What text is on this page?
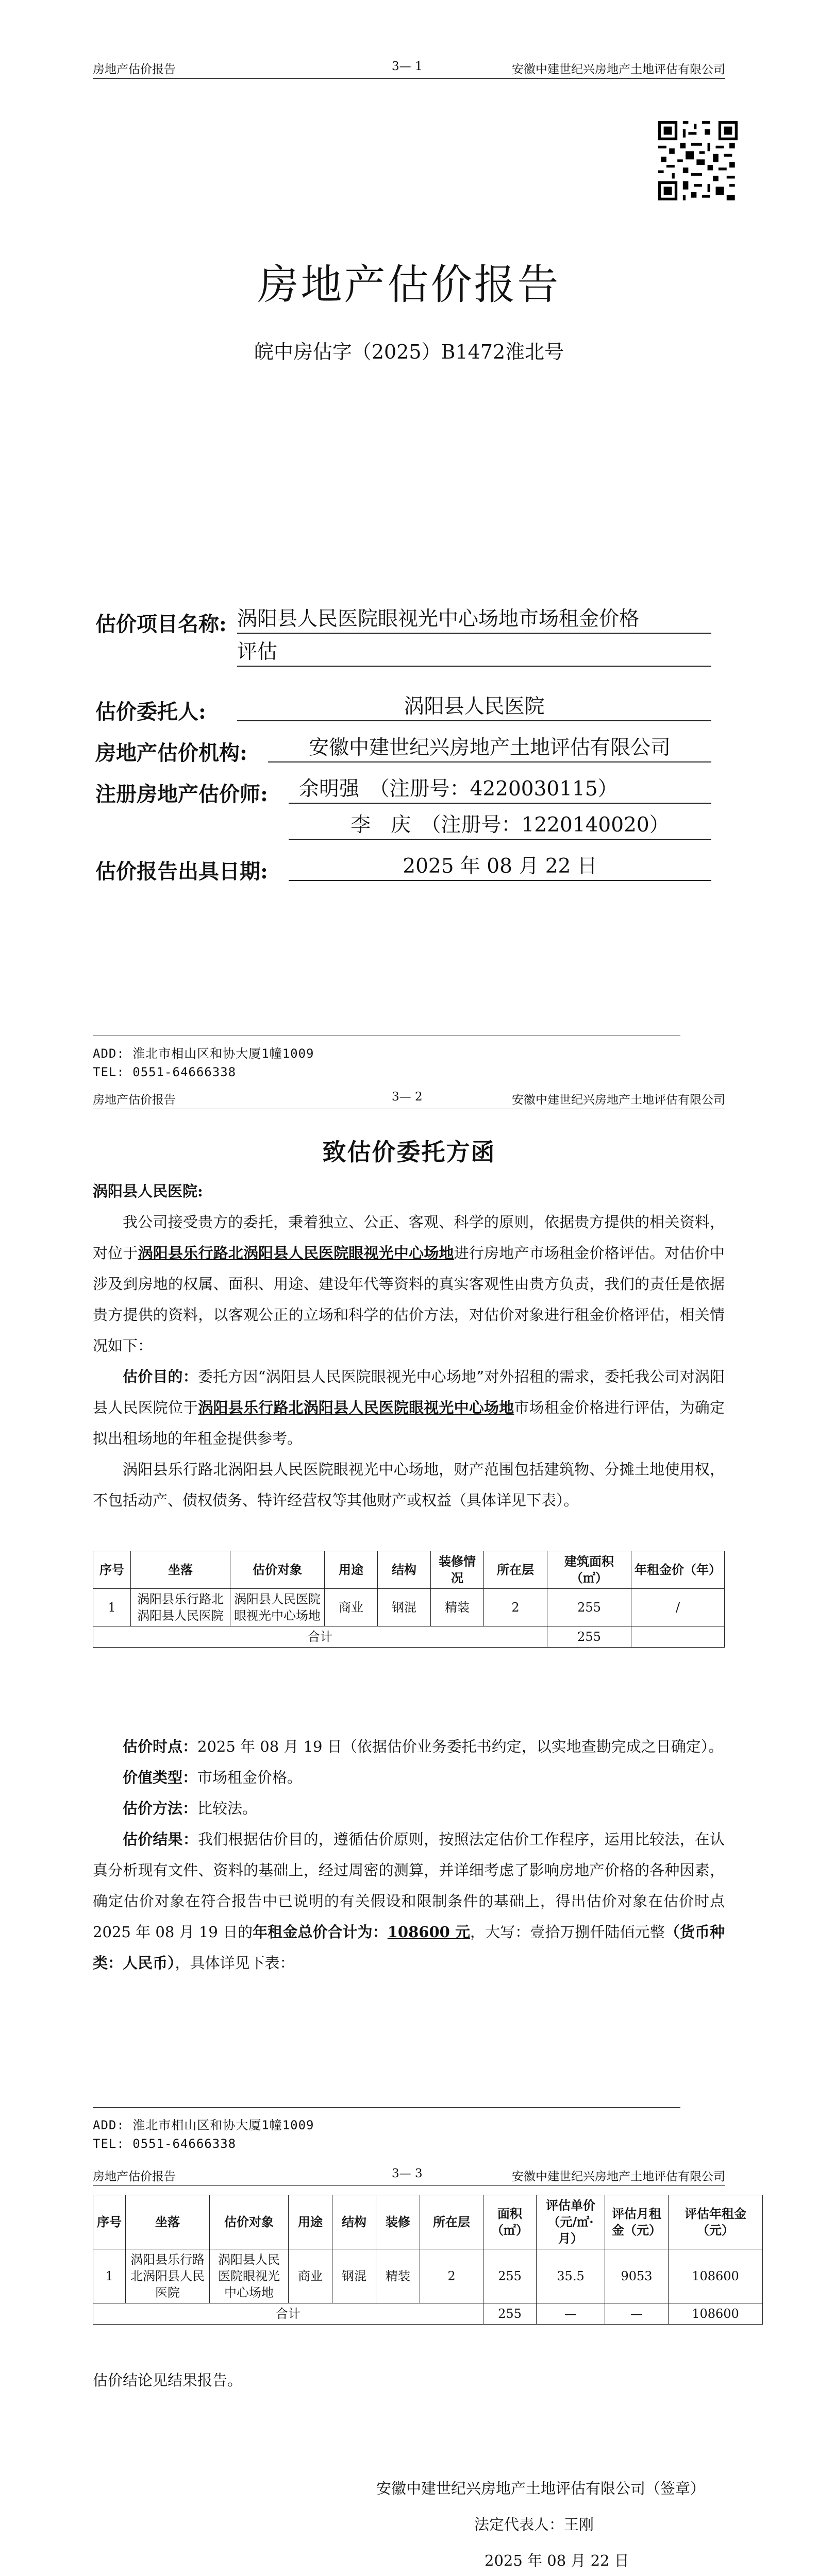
房地产估价报告	3— 1	安徽中建世纪兴房地产土地评估有限公司
房地产估价报告
皖中房估字（2025）B1472淮北号
估价项目名称: 涡阳县人民医院眼视光中心场地市场租金价格
评估
估价委托人:	涡阳县人民医院
房地产估价机构:	安徽中建世纪兴房地产土地评估有限公司
注册房地产估价师:	余明强　（注册号：4220030115）
李　庆　（注册号：1220140020）
估价报告出具日期:	2025 年 08 月 22 日
ADD: 淮北市相山区和协大厦1幢1009
TEL: 0551-64666338
房地产估价报告	3— 2	安徽中建世纪兴房地产土地评估有限公司
致估价委托方函

涡阳县人民医院:

我公司接受贵方的委托，秉着独立、公正、客观、科学的原则，依据贵方提供的相关资料，对位于涡阳县乐行路北涡阳县人民医院眼视光中心场地进行房地产市场租金价格评估。对估价中涉及到房地的权属、面积、用途、建设年代等资料的真实客观性由贵方负责，我们的责任是依据贵方提供的资料，以客观公正的立场和科学的估价方法，对估价对象进行租金价格评估，相关情况如下：

估价目的：委托方因“涡阳县人民医院眼视光中心场地”对外招租的需求，委托我公司对涡阳县人民医院位于涡阳县乐行路北涡阳县人民医院眼视光中心场地市场租金价格进行评估，为确定拟出租场地的年租金提供参考。

涡阳县乐行路北涡阳县人民医院眼视光中心场地，财产范围包括建筑物、分摊土地使用权，不包括动产、债权债务、特许经营权等其他财产或权益（具体详见下表）。

序号	坐落	估价对象	用途	结构	装修情况	所在层	建筑面积（㎡）	年租金价（年）
1	涡阳县乐行路北涡阳县人民医院	涡阳县人民医院眼视光中心场地	商业	钢混	精装	2	255	/
合计							255	

估价时点：2025 年 08 月 19 日（依据估价业务委托书约定，以实地查勘完成之日确定）。

价值类型：市场租金价格。

估价方法：比较法。

估价结果：我们根据估价目的，遵循估价原则，按照法定估价工作程序，运用比较法，在认真分析现有文件、资料的基础上，经过周密的测算，并详细考虑了影响房地产价格的各种因素，确定估价对象在符合报告中已说明的有关假设和限制条件的基础上，得出估价对象在估价时点2025 年 08 月 19 日的年租金总价合计为：108600 元，大写：壹拾万捌仟陆佰元整（货币种类：人民币），具体详见下表：

ADD: 淮北市相山区和协大厦1幢1009
TEL: 0551-64666338
房地产估价报告	3— 3	安徽中建世纪兴房地产土地评估有限公司
序号	坐落	估价对象	用途	结构	装修	所在层	面积（㎡）	评估单价（元/㎡·月）	评估月租金（元）	评估年租金（元）
1	涡阳县乐行路北涡阳县人民医院	涡阳县人民医院眼视光中心场地	商业	钢混	精装	2	255	35.5	9053	108600
合计							255	—	—	108600
估价结论见结果报告。
安徽中建世纪兴房地产土地评估有限公司（签章）
法定代表人：王刚
2025 年 08 月 22 日
